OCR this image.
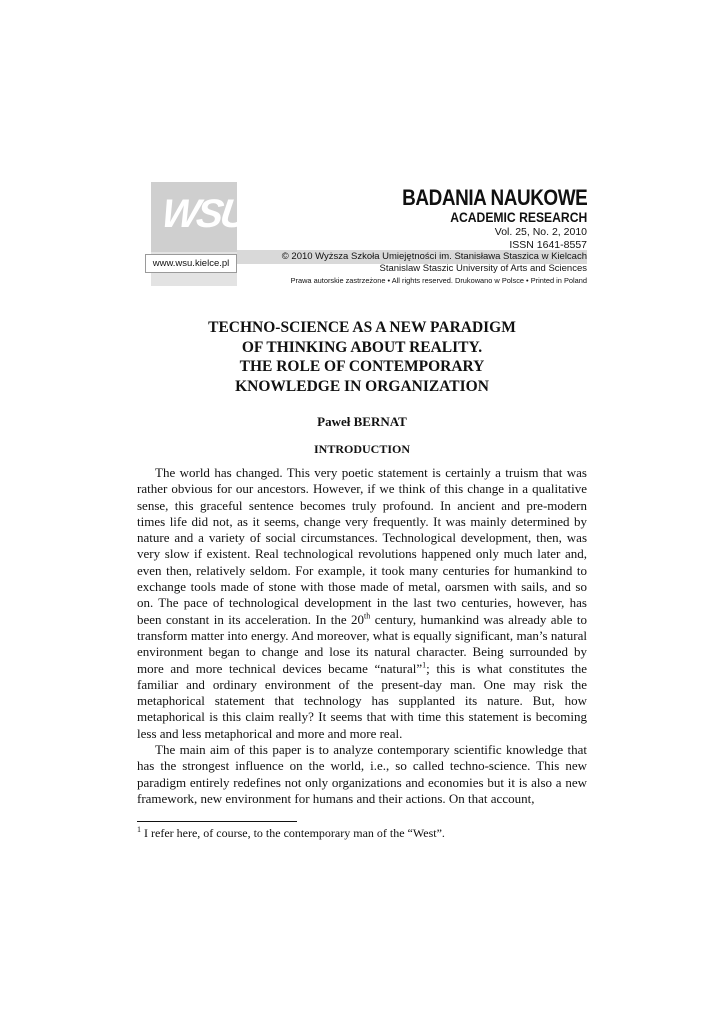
WSU
www.wsu.kielce.pl
BADANIA NAUKOWE
ACADEMIC RESEARCH
Vol. 25, No. 2, 2010
ISSN 1641-8557
© 2010 Wyższa Szkoła Umiejętności im. Stanisława Staszica w Kielcach
Stanislaw Staszic University of Arts and Sciences
Prawa autorskie zastrzeżone • All rights reserved. Drukowano w Polsce • Printed in Poland
TECHNO-SCIENCE AS A NEW PARADIGM
OF THINKING ABOUT REALITY.
THE ROLE OF CONTEMPORARY
KNOWLEDGE IN ORGANIZATION
Paweł BERNAT
INTRODUCTION

The world has changed. This very poetic statement is certainly a truism that was rather obvious for our ancestors. However, if we think of this change in a qualitative sense, this graceful sentence becomes truly profound. In ancient and pre-modern times life did not, as it seems, change very frequently. It was mainly determined by nature and a variety of social circumstances. Technological development, then, was very slow if existent. Real technological revolutions happened only much later and, even then, relatively seldom. For example, it took many centuries for humankind to exchange tools made of stone with those made of metal, oarsmen with sails, and so on. The pace of technological development in the last two centuries, however, has been constant in its acceleration. In the 20th century, humankind was already able to transform matter into energy. And moreover, what is equally significant, man’s natural environment began to change and lose its natural character. Being surrounded by more and more technical devices became “natural”$^1$; this is what constitutes the familiar and ordinary environment of the present-day man. One may risk the metaphorical statement that technology has supplanted its nature. But, how metaphorical is this claim really? It seems that with time this statement is becoming less and less metaphorical and more and more real.

The main aim of this paper is to analyze contemporary scientific knowledge that has the strongest influence on the world, i.e., so called techno-science. This new paradigm entirely redefines not only organizations and economies but it is also a new framework, new environment for humans and their actions. On that account,

$^1$ I refer here, of course, to the contemporary man of the “West”.
